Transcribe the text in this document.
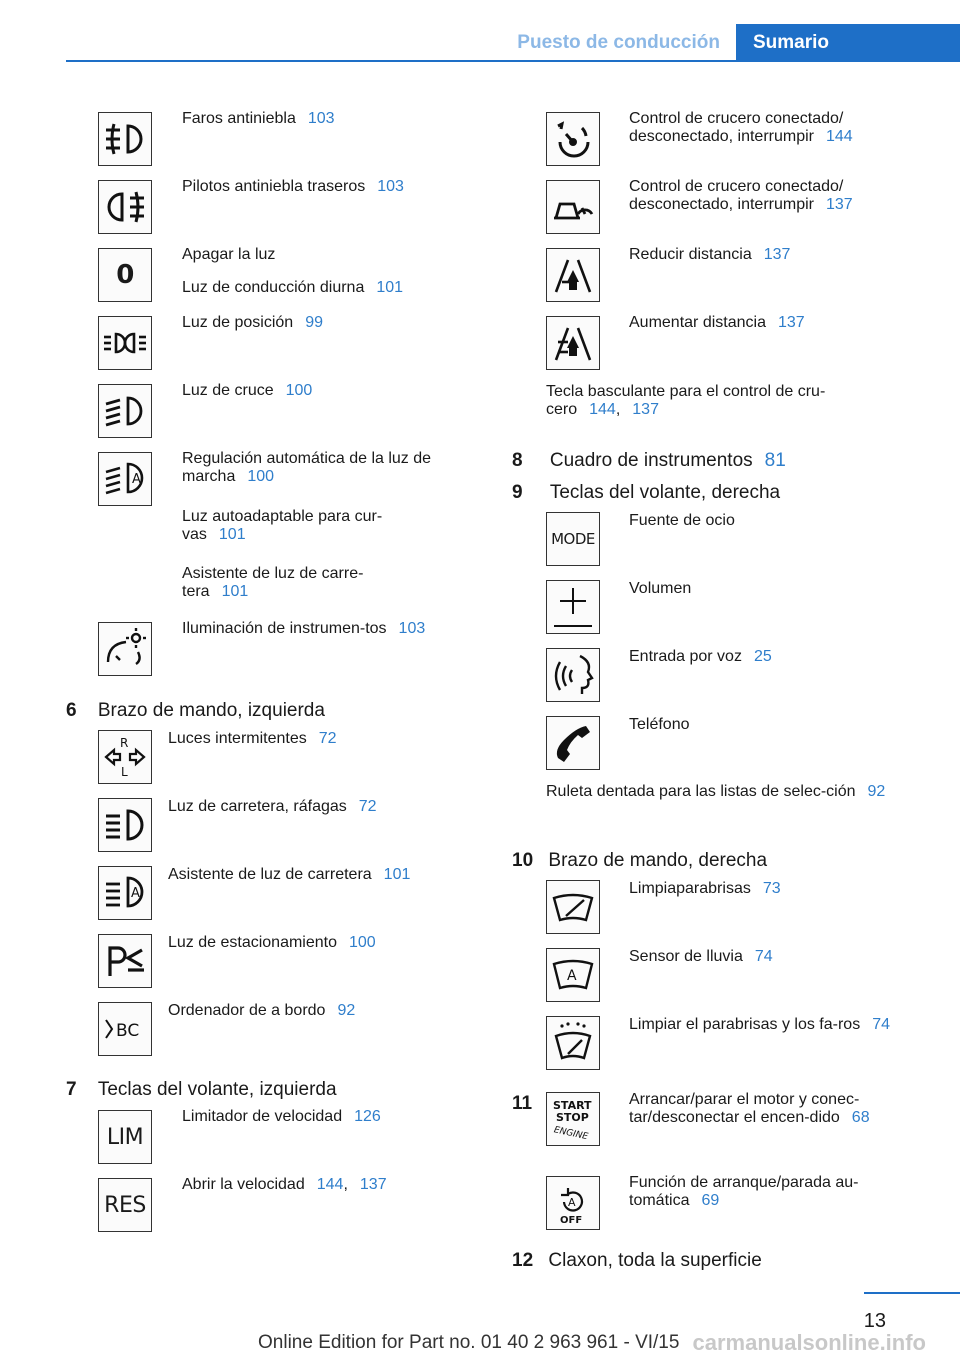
Puesto de conducción	Sumario
Faros antiniebla 103
Pilotos antiniebla traseros 103
0
Apagar la luz
Luz de conducción diurna 101
Luz de posición 99
Luz de cruce 100
A
Regulación automática de la luz de marcha 100
Luz autoadaptable para cur-vas 101
Asistente de luz de carre-tera 101
Iluminación de instrumen-tos 103
6 Brazo de mando, izquierda
R
L
Luces intermitentes 72
Luz de carretera, ráfagas 72
A
Asistente de luz de carretera 101
Luz de estacionamiento 100
BC
Ordenador de a bordo 92
7 Teclas del volante, izquierda
LIM
Limitador de velocidad 126
RES
Abrir la velocidad 144, 137
Control de crucero conectado/ desconectado, interrumpir 144
Control de crucero conectado/ desconectado, interrumpir 137
Reducir distancia 137
Aumentar distancia 137
Tecla basculante para el control de cru-cero 144, 137
8 Cuadro de instrumentos 81
9 Teclas del volante, derecha
MODE
Fuente de ocio
Volumen
Entrada por voz 25
Teléfono
Ruleta dentada para las listas de selec-ción 92
10 Brazo de mando, derecha
Limpiaparabrisas 73
A
Sensor de lluvia 74
Limpiar el parabrisas y los fa-ros 74
11 START
STOP
ENGINE
Arrancar/parar el motor y conec-tar/desconectar el encen-dido 68
A
OFF
Función de arranque/parada au-tomática 69
12 Claxon, toda la superficie
13
Online Edition for Part no. 01 40 2 963 961 - VI/15 carmanualsonline.info
